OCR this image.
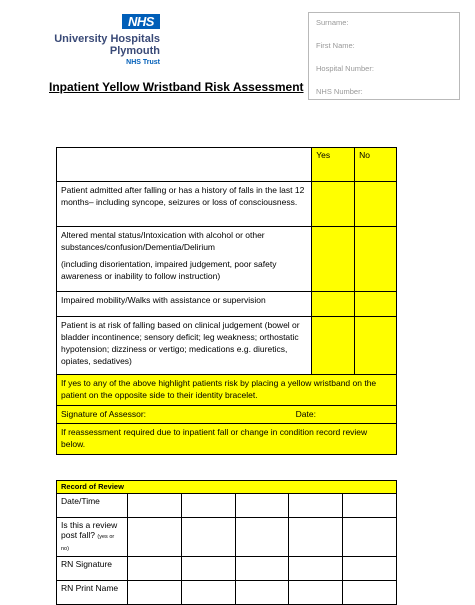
NHS
University Hospitals
Plymouth
NHS Trust
Surname:
First Name:
Hospital Number:
NHS Number:
Inpatient Yellow Wristband Risk Assessment
	Yes	No
Patient admitted after falling or has a history of falls in the last 12 months– including syncope, seizures or loss of consciousness.		

Altered mental status/Intoxication with alcohol or other substances/confusion/Dementia/Delirium
(including disorientation, impaired judgement, poor safety awareness or inability to follow instruction)		

Impaired mobility/Walks with assistance or supervision		
Patient is at risk of falling based on clinical judgement (bowel or bladder incontinence; sensory deficit; leg weakness; orthostatic hypotension; dizziness or vertigo; medications e.g. diuretics, opiates, sedatives)		
If yes to any of the above highlight patients risk by placing a yellow wristband on the patient on the opposite side to their identity bracelet.		

Signature of Assessor: Date:		

If reassessment required due to inpatient fall or change in condition record review below.		
Record of Review					
Date/Time					
Is this a review post fall? (yes or no)					
RN Signature					
RN Print Name					
